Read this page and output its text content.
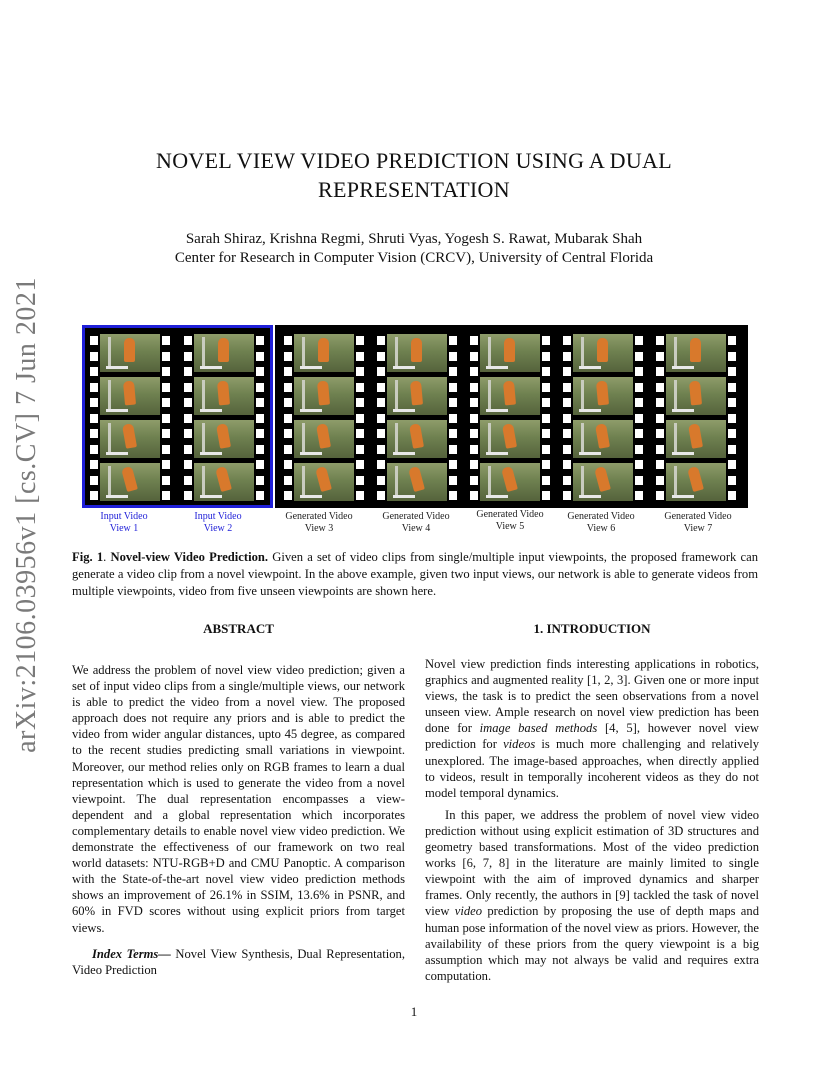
arXiv:2106.03956v1 [cs.CV] 7 Jun 2021
NOVEL VIEW VIDEO PREDICTION USING A DUAL
REPRESENTATION
Sarah Shiraz, Krishna Regmi, Shruti Vyas, Yogesh S. Rawat, Mubarak Shah
Center for Research in Computer Vision (CRCV), University of Central Florida
Input Video
View 1
Input Video
View 2
Generated Video
View 3
Generated Video
View 4
Generated Video
View 5
Generated Video
View 6
Generated Video
View 7
Fig. 1. Novel-view Video Prediction. Given a set of video clips from single/multiple input viewpoints, the proposed framework can generate a video clip from a novel viewpoint. In the above example, given two input views, our network is able to generate videos from multiple viewpoints, video from five unseen viewpoints are shown here.
ABSTRACT	1. INTRODUCTION

We address the problem of novel view video prediction; given a set of input video clips from a single/multiple views, our network is able to predict the video from a novel view. The proposed approach does not require any priors and is able to predict the video from wider angular distances, upto 45 degree, as compared to the recent studies predicting small variations in viewpoint. Moreover, our method relies only on RGB frames to learn a dual representation which is used to generate the video from a novel viewpoint. The dual representation encompasses a view-dependent and a global representation which incorporates complementary details to enable novel view video prediction. We demonstrate the effectiveness of our framework on two real world datasets: NTU-RGB+D and CMU Panoptic. A comparison with the State-of-the-art novel view video prediction methods shows an improvement of 26.1% in SSIM, 13.6% in PSNR, and 60% in FVD scores without using explicit priors from target views.

Index Terms— Novel View Synthesis, Dual Representation, Video Prediction

Novel view prediction finds interesting applications in robotics, graphics and augmented reality [1, 2, 3]. Given one or more input views, the task is to predict the seen observations from a novel unseen view. Ample research on novel view prediction has been done for image based methods [4, 5], however novel view prediction for videos is much more challenging and relatively unexplored. The image-based approaches, when directly applied to videos, result in temporally incoherent videos as they do not model temporal dynamics.

In this paper, we address the problem of novel view video prediction without using explicit estimation of 3D structures and geometry based transformations. Most of the video prediction works [6, 7, 8] in the literature are mainly limited to single viewpoint with the aim of improved dynamics and sharper frames. Only recently, the authors in [9] tackled the task of novel view video prediction by proposing the use of depth maps and human pose information of the novel view as priors. However, the availability of these priors from the query viewpoint is a big assumption which may not always be valid and requires extra computation.

1
